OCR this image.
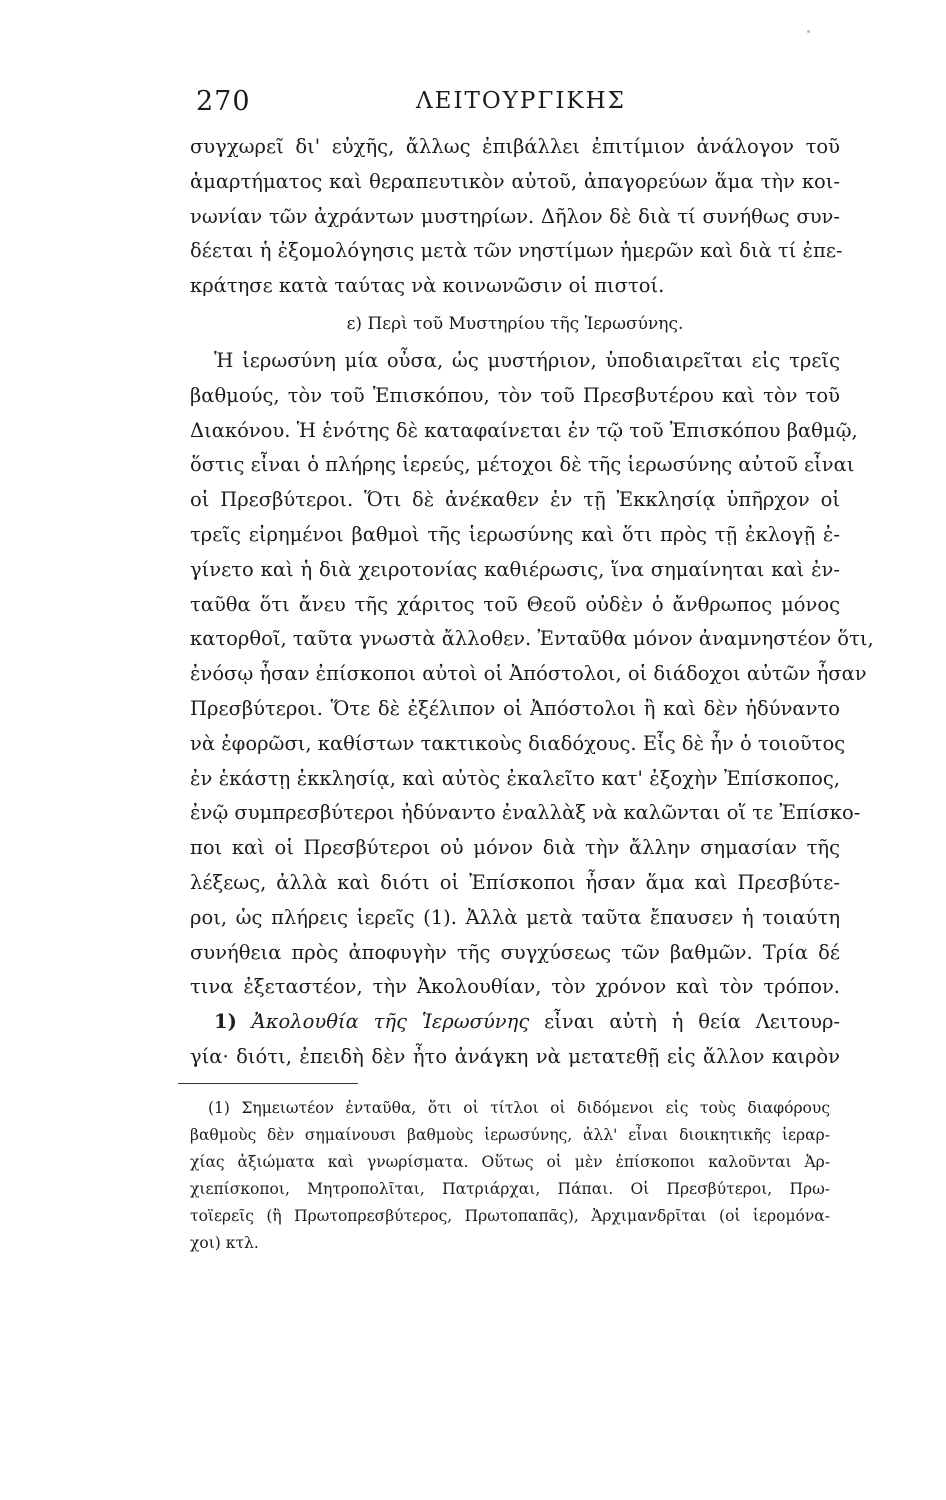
270	ΛΕΙΤΟΥΡΓΙΚΗΣ
συγχωρεῖ δι' εὐχῆς, ἄλλως ἐπιβάλλει ἐπιτίμιον ἀνάλογον τοῦ
ἁμαρτήματος καὶ θεραπευτικὸν αὐτοῦ, ἀπαγορεύων ἅμα τὴν κοι-
νωνίαν τῶν ἀχράντων μυστηρίων. Δῆλον δὲ διὰ τί συνήθως συν-
δέεται ἡ ἐξομολόγησις μετὰ τῶν νηστίμων ἡμερῶν καὶ διὰ τί ἐπε-
κράτησε κατὰ ταύτας νὰ κοινωνῶσιν οἱ πιστοί.
ε) Περὶ τοῦ Μυστηρίου τῆς Ἱερωσύνης.
Ἡ ἱερωσύνη μία οὖσα, ὡς μυστήριον, ὑποδιαιρεῖται εἰς τρεῖς
βαθμούς, τὸν τοῦ Ἐπισκόπου, τὸν τοῦ Πρεσβυτέρου καὶ τὸν τοῦ
Διακόνου. Ἡ ἑνότης δὲ καταφαίνεται ἐν τῷ τοῦ Ἐπισκόπου βαθμῷ,
ὅστις εἶναι ὁ πλήρης ἱερεύς, μέτοχοι δὲ τῆς ἱερωσύνης αὐτοῦ εἶναι
οἱ Πρεσβύτεροι. Ὅτι δὲ ἀνέκαθεν ἐν τῇ Ἐκκλησίᾳ ὑπῆρχον οἱ
τρεῖς εἰρημένοι βαθμοὶ τῆς ἱερωσύνης καὶ ὅτι πρὸς τῇ ἐκλογῇ ἐ-
γίνετο καὶ ἡ διὰ χειροτονίας καθιέρωσις, ἵνα σημαίνηται καὶ ἐν-
ταῦθα ὅτι ἄνευ τῆς χάριτος τοῦ Θεοῦ οὐδὲν ὁ ἄνθρωπος μόνος
κατορθοῖ, ταῦτα γνωστὰ ἄλλοθεν. Ἐνταῦθα μόνον ἀναμνηστέον ὅτι,
ἐνόσῳ ἦσαν ἐπίσκοποι αὐτοὶ οἱ Ἀπόστολοι, οἱ διάδοχοι αὐτῶν ἦσαν
Πρεσβύτεροι. Ὅτε δὲ ἐξέλιπον οἱ Ἀπόστολοι ἢ καὶ δὲν ἠδύναντο
νὰ ἐφορῶσι, καθίστων τακτικοὺς διαδόχους. Εἷς δὲ ἦν ὁ τοιοῦτος
ἐν ἑκάστῃ ἐκκλησίᾳ, καὶ αὐτὸς ἐκαλεῖτο κατ' ἐξοχὴν Ἐπίσκοπος,
ἐνῷ συμπρεσβύτεροι ἠδύναντο ἐναλλὰξ νὰ καλῶνται οἵ τε Ἐπίσκο-
ποι καὶ οἱ Πρεσβύτεροι οὐ μόνον διὰ τὴν ἄλλην σημασίαν τῆς
λέξεως, ἀλλὰ καὶ διότι οἱ Ἐπίσκοποι ἦσαν ἅμα καὶ Πρεσβύτε-
ροι, ὡς πλήρεις ἱερεῖς (1). Ἀλλὰ μετὰ ταῦτα ἔπαυσεν ἡ τοιαύτη
συνήθεια πρὸς ἀποφυγὴν τῆς συγχύσεως τῶν βαθμῶν. Τρία δέ
τινα ἐξεταστέον, τὴν Ἀκολουθίαν, τὸν χρόνον καὶ τὸν τρόπον.
1) Ἀκολουθία τῆς Ἱερωσύνης εἶναι αὐτὴ ἡ θεία Λειτουρ-
γία· διότι, ἐπειδὴ δὲν ἦτο ἀνάγκη νὰ μετατεθῇ εἰς ἄλλον καιρὸν
(1) Σημειωτέον ἐνταῦθα, ὅτι οἱ τίτλοι οἱ διδόμενοι εἰς τοὺς διαφόρους
βαθμοὺς δὲν σημαίνουσι βαθμοὺς ἱερωσύνης, ἀλλ' εἶναι διοικητικῆς ἱεραρ-
χίας ἀξιώματα καὶ γνωρίσματα. Οὕτως οἱ μὲν ἐπίσκοποι καλοῦνται Ἀρ-
χιεπίσκοποι, Μητροπολῖται, Πατριάρχαι, Πάπαι. Οἱ Πρεσβύτεροι, Πρω-
τοϊερεῖς (ἢ Πρωτοπρεσβύτερος, Πρωτοπαπᾶς), Ἀρχιμανδρῖται (οἱ ἱερομόνα-
χοι) κτλ.
